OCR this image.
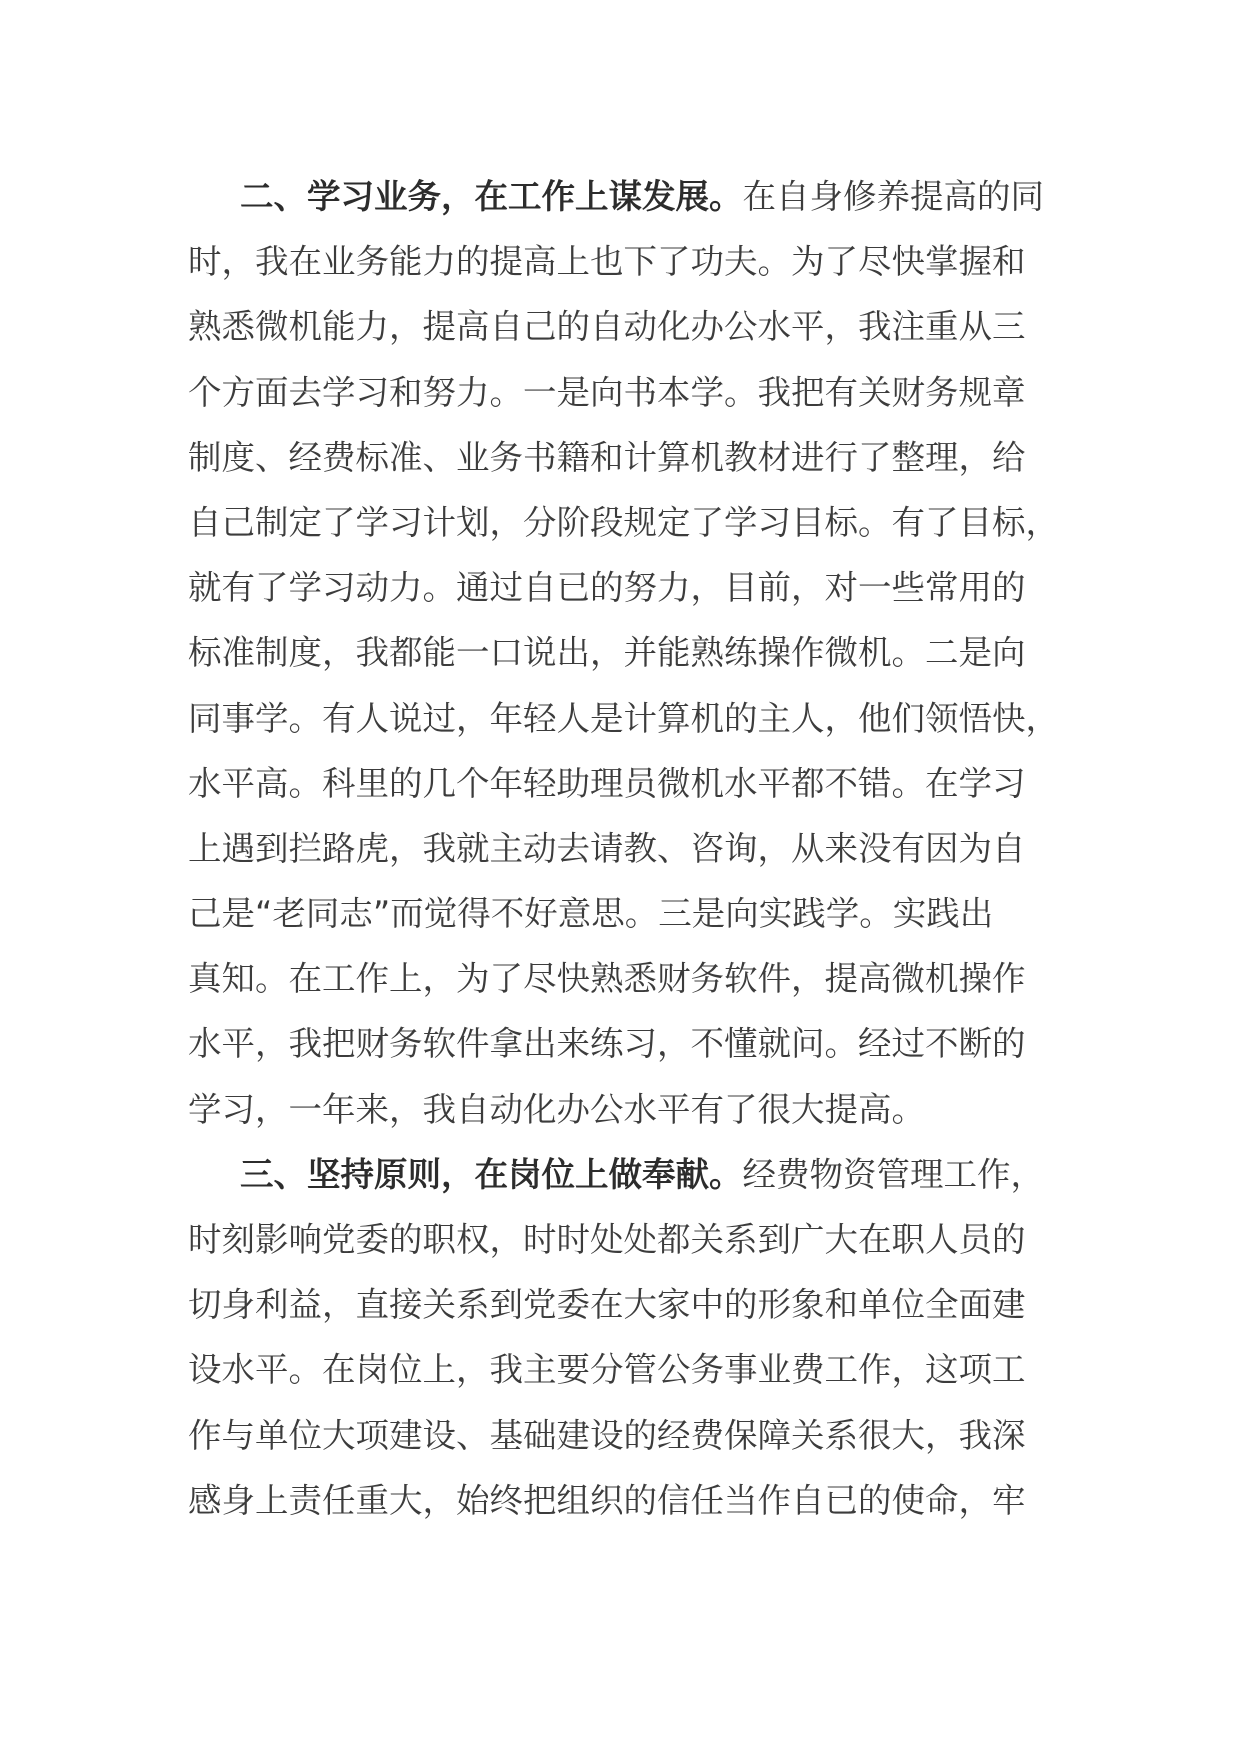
二、学习业务，在工作上谋发展。在自身修养提高的同
时，我在业务能力的提高上也下了功夫。为了尽快掌握和
熟悉微机能力，提高自己的自动化办公水平，我注重从三
个方面去学习和努力。一是向书本学。我把有关财务规章
制度、经费标准、业务书籍和计算机教材进行了整理，给
自己制定了学习计划，分阶段规定了学习目标。有了目标，
就有了学习动力。通过自已的努力，目前，对一些常用的
标准制度，我都能一口说出，并能熟练操作微机。二是向
同事学。有人说过，年轻人是计算机的主人，他们领悟快，
水平高。科里的几个年轻助理员微机水平都不错。在学习
上遇到拦路虎，我就主动去请教、咨询，从来没有因为自
己是“老同志”而觉得不好意思。三是向实践学。实践出
真知。在工作上，为了尽快熟悉财务软件，提高微机操作
水平，我把财务软件拿出来练习，不懂就问。经过不断的
学习，一年来，我自动化办公水平有了很大提高。
三、坚持原则，在岗位上做奉献。经费物资管理工作，
时刻影响党委的职权，时时处处都关系到广大在职人员的
切身利益，直接关系到党委在大家中的形象和单位全面建
设水平。在岗位上，我主要分管公务事业费工作，这项工
作与单位大项建设、基础建设的经费保障关系很大，我深
感身上责任重大，始终把组织的信任当作自已的使命，牢
